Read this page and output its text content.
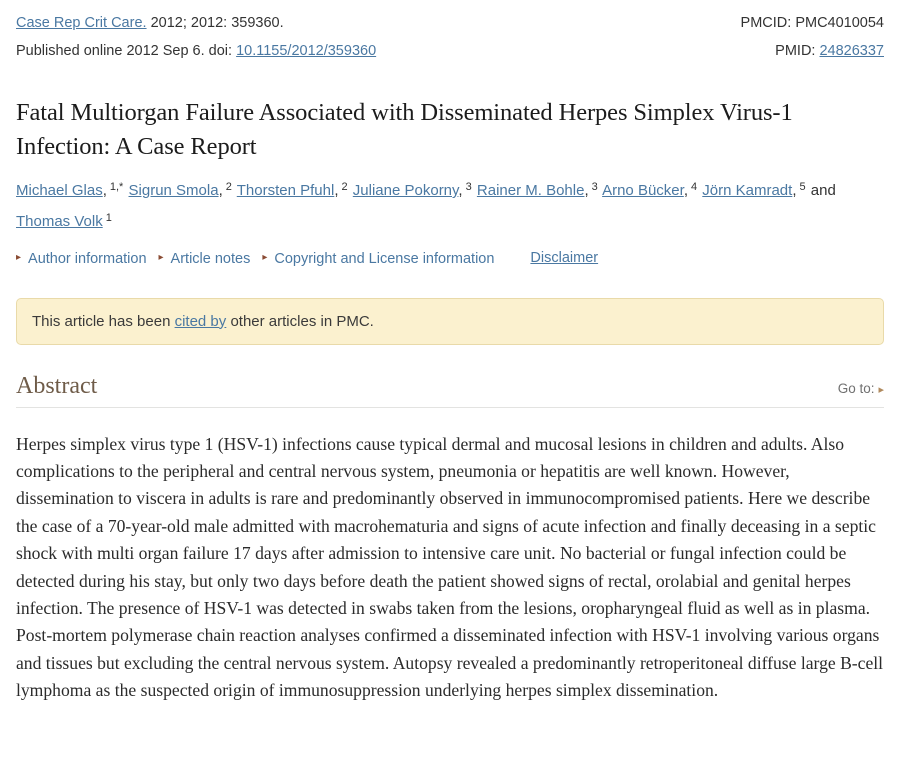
Case Rep Crit Care. 2012; 2012: 359360.
Published online 2012 Sep 6. doi: 10.1155/2012/359360
PMCID: PMC4010054
PMID: 24826337
Fatal Multiorgan Failure Associated with Disseminated Herpes Simplex Virus-1 Infection: A Case Report
Michael Glas, $^{1,*}$ Sigrun Smola, $^2$ Thorsten Pfuhl, $^2$ Juliane Pokorny, $^3$ Rainer M. Bohle, $^3$ Arno Bücker, $^4$ Jörn Kamradt, $^5$ and Thomas Volk $^1$
▸ Author information ▸ Article notes ▸ Copyright and License information Disclaimer
This article has been cited by other articles in PMC.
Abstract	Go to: ▸

Herpes simplex virus type 1 (HSV-1) infections cause typical dermal and mucosal lesions in children and adults. Also complications to the peripheral and central nervous system, pneumonia or hepatitis are well known. However, dissemination to viscera in adults is rare and predominantly observed in immunocompromised patients. Here we describe the case of a 70-year-old male admitted with macrohematuria and signs of acute infection and finally deceasing in a septic shock with multi organ failure 17 days after admission to intensive care unit. No bacterial or fungal infection could be detected during his stay, but only two days before death the patient showed signs of rectal, orolabial and genital herpes infection. The presence of HSV-1 was detected in swabs taken from the lesions, oropharyngeal fluid as well as in plasma. Post-mortem polymerase chain reaction analyses confirmed a disseminated infection with HSV-1 involving various organs and tissues but excluding the central nervous system. Autopsy revealed a predominantly retroperitoneal diffuse large B-cell lymphoma as the suspected origin of immunosuppression underlying herpes simplex dissemination.
